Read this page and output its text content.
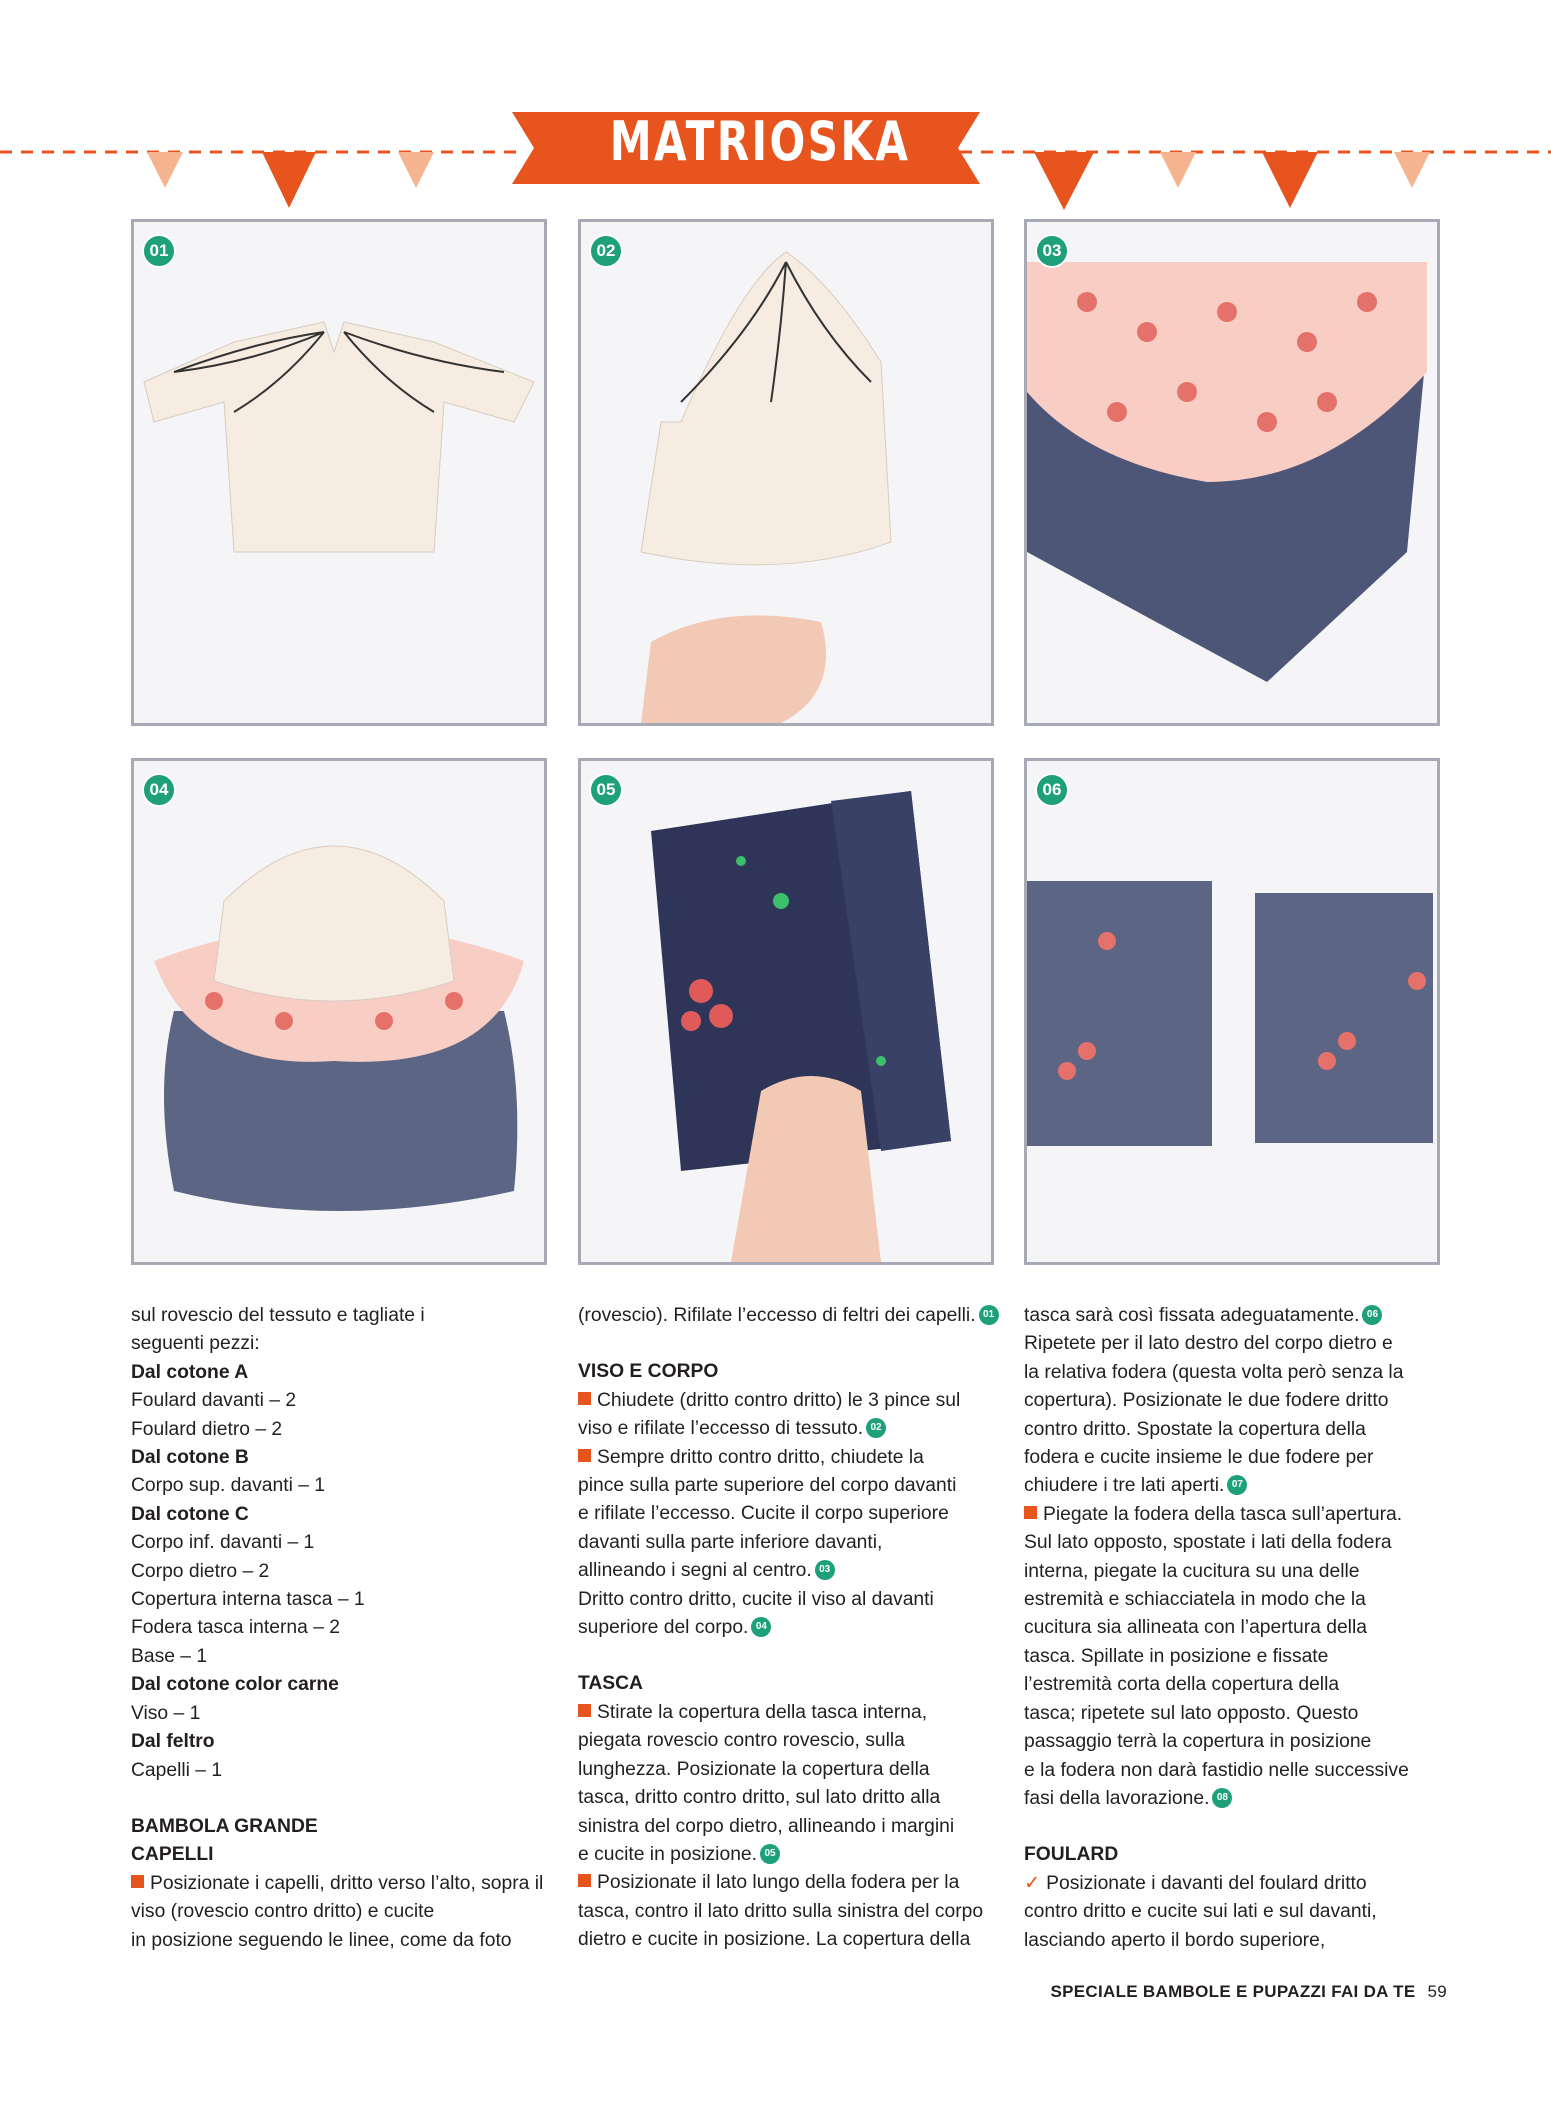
MATRIOSKA
01	02	03
04	05	06

sul rovescio del tessuto e tagliate i

seguenti pezzi:

Dal cotone A

Foulard davanti – 2

Foulard dietro – 2

Dal cotone B

Corpo sup. davanti – 1

Dal cotone C

Corpo inf. davanti – 1

Corpo dietro – 2

Copertura interna tasca – 1

Fodera tasca interna – 2

Base – 1

Dal cotone color carne

Viso – 1

Dal feltro

Capelli – 1

BAMBOLA GRANDE

CAPELLI

Posizionate i capelli, dritto verso l’alto, sopra il

viso (rovescio contro dritto) e cucite

in posizione seguendo le linee, come da foto

(rovescio). Rifilate l’eccesso di feltri dei capelli. 01

VISO E CORPO

Chiudete (dritto contro dritto) le 3 pince sul

viso e rifilate l’eccesso di tessuto. 02

Sempre dritto contro dritto, chiudete la

pince sulla parte superiore del corpo davanti

e rifilate l’eccesso. Cucite il corpo superiore

davanti sulla parte inferiore davanti,

allineando i segni al centro. 03

Dritto contro dritto, cucite il viso al davanti

superiore del corpo. 04

TASCA

Stirate la copertura della tasca interna,

piegata rovescio contro rovescio, sulla

lunghezza. Posizionate la copertura della

tasca, dritto contro dritto, sul lato dritto alla

sinistra del corpo dietro, allineando i margini

e cucite in posizione. 05

Posizionate il lato lungo della fodera per la

tasca, contro il lato dritto sulla sinistra del corpo

dietro e cucite in posizione. La copertura della

tasca sarà così fissata adeguatamente. 06

Ripetete per il lato destro del corpo dietro e

la relativa fodera (questa volta però senza la

copertura). Posizionate le due fodere dritto

contro dritto. Spostate la copertura della

fodera e cucite insieme le due fodere per

chiudere i tre lati aperti. 07

Piegate la fodera della tasca sull’apertura.

Sul lato opposto, spostate i lati della fodera

interna, piegate la cucitura su una delle

estremità e schiacciatela in modo che la

cucitura sia allineata con l’apertura della

tasca. Spillate in posizione e fissate

l’estremità corta della copertura della

tasca; ripetete sul lato opposto. Questo

passaggio terrà la copertura in posizione

e la fodera non darà fastidio nelle successive

fasi della lavorazione. 08

FOULARD

✓ Posizionate i davanti del foulard dritto

contro dritto e cucite sui lati e sul davanti,

lasciando aperto il bordo superiore,

SPECIALE BAMBOLE E PUPAZZI FAI DA TE 59
